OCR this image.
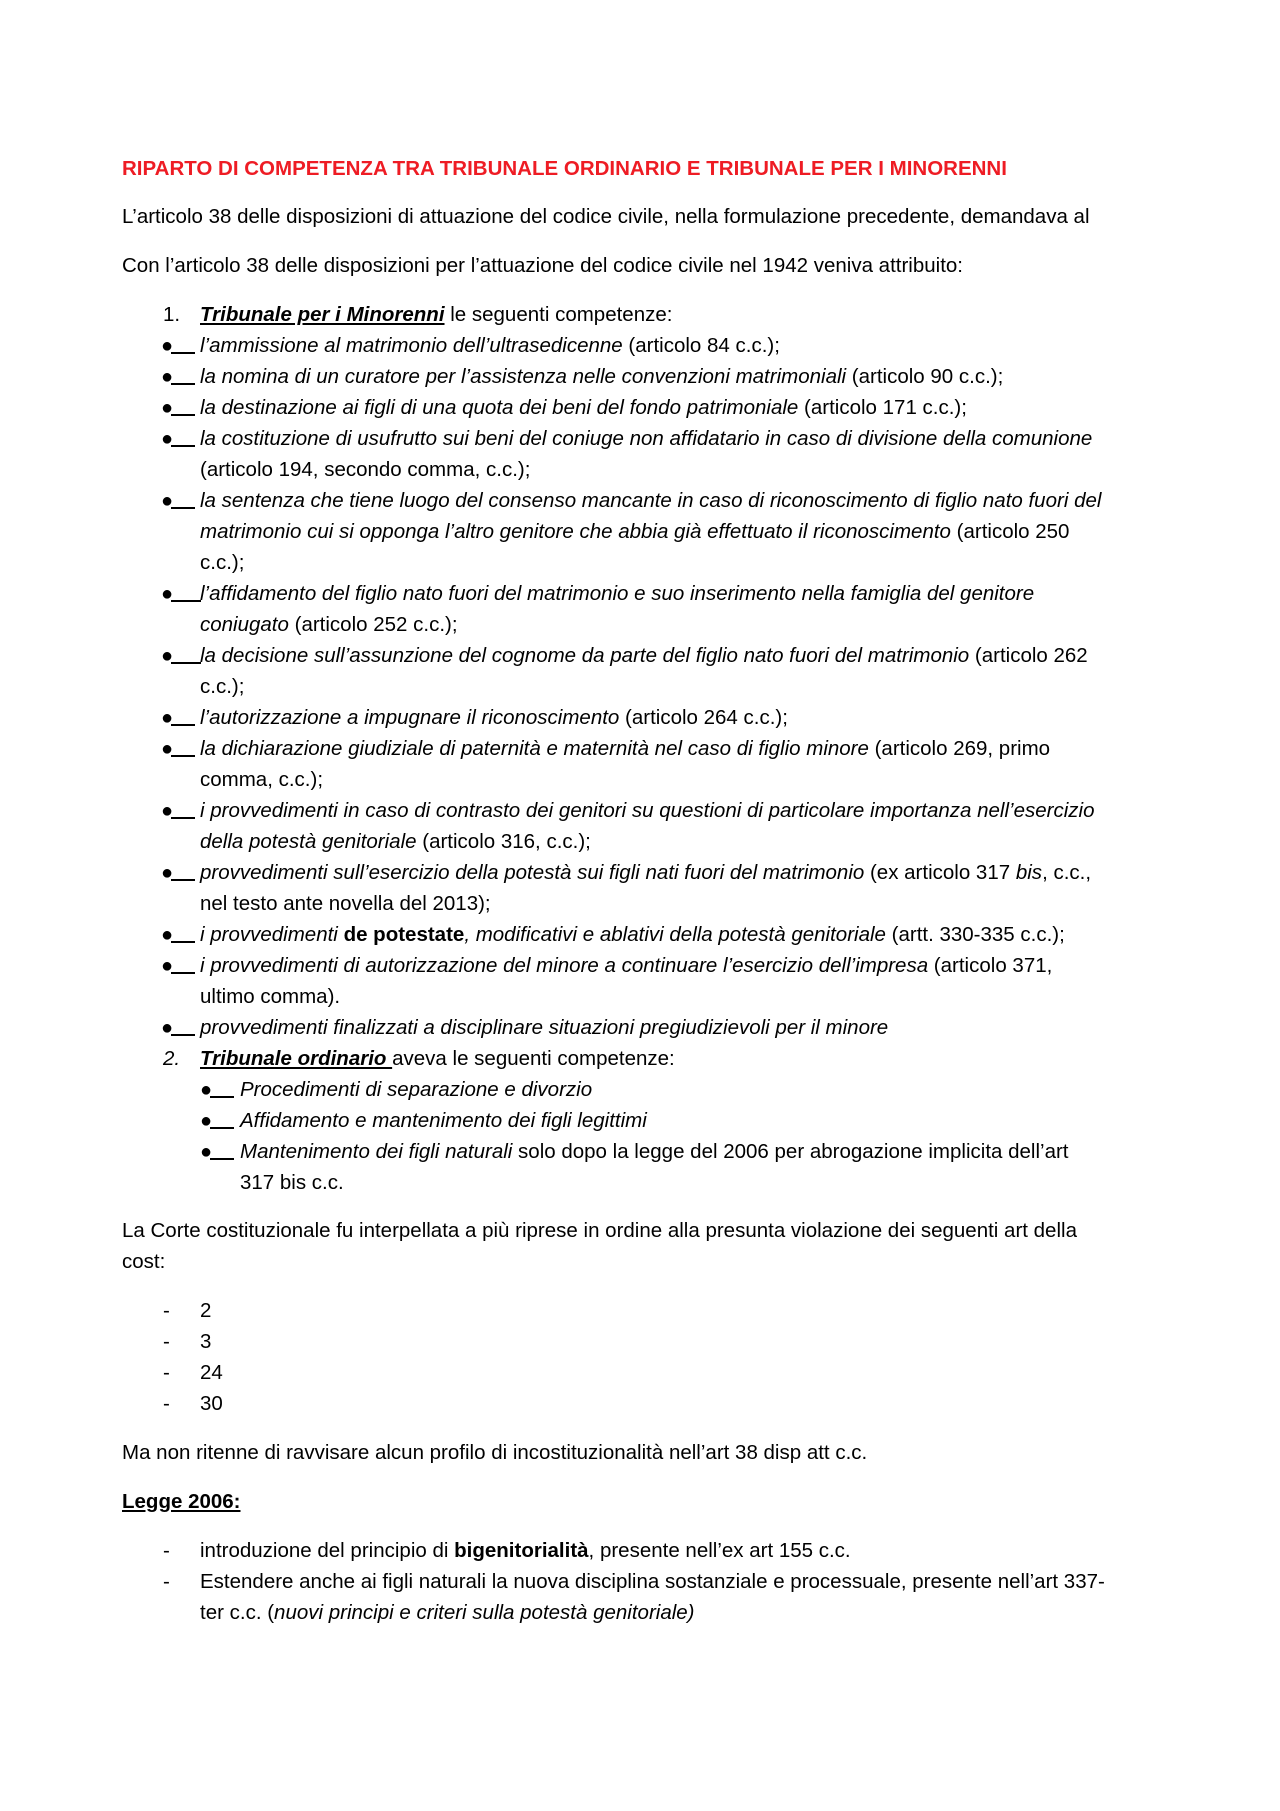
RIPARTO DI COMPETENZA TRA TRIBUNALE ORDINARIO E TRIBUNALE PER I MINORENNI
L’articolo 38 delle disposizioni di attuazione del codice civile, nella formulazione precedente, demandava al
Con l’articolo 38 delle disposizioni per l’attuazione del codice civile nel 1942 veniva attribuito:
1. Tribunale per i Minorenni le seguenti competenze:
●	l’ammissione al matrimonio dell’ultrasedicenne (articolo 84 c.c.);
●	la nomina di un curatore per l’assistenza nelle convenzioni matrimoniali (articolo 90 c.c.);
●	la destinazione ai figli di una quota dei beni del fondo patrimoniale (articolo 171 c.c.);
●	la costituzione di usufrutto sui beni del coniuge non affidatario in caso di divisione della comunione
(articolo 194, secondo comma, c.c.);
●	la sentenza che tiene luogo del consenso mancante in caso di riconoscimento di figlio nato fuori del
matrimonio cui si opponga l’altro genitore che abbia già effettuato il riconoscimento (articolo 250
c.c.);
●	l’affidamento del figlio nato fuori del matrimonio e suo inserimento nella famiglia del genitore
coniugato (articolo 252 c.c.);
●	la decisione sull’assunzione del cognome da parte del figlio nato fuori del matrimonio (articolo 262
c.c.);
●	l’autorizzazione a impugnare il riconoscimento (articolo 264 c.c.);
●	la dichiarazione giudiziale di paternità e maternità nel caso di figlio minore (articolo 269, primo
comma, c.c.);
●	i provvedimenti in caso di contrasto dei genitori su questioni di particolare importanza nell’esercizio
della potestà genitoriale (articolo 316, c.c.);
●	provvedimenti sull’esercizio della potestà sui figli nati fuori del matrimonio (ex articolo 317 bis, c.c.,
nel testo ante novella del 2013);
●	i provvedimenti de potestate, modificativi e ablativi della potestà genitoriale (artt. 330-335 c.c.);
●	i provvedimenti di autorizzazione del minore a continuare l’esercizio dell’impresa (articolo 371,
ultimo comma).
●	provvedimenti finalizzati a disciplinare situazioni pregiudizievoli per il minore
2. Tribunale ordinario aveva le seguenti competenze:
●	Procedimenti di separazione e divorzio
●	Affidamento e mantenimento dei figli legittimi
●	Mantenimento dei figli naturali solo dopo la legge del 2006 per abrogazione implicita dell’art
317 bis c.c.
La Corte costituzionale fu interpellata a più riprese in ordine alla presunta violazione dei seguenti art della
cost:
- 2
- 3
- 24
- 30
Ma non ritenne di ravvisare alcun profilo di incostituzionalità nell’art 38 disp att c.c.
Legge 2006:
- introduzione del principio di bigenitorialità, presente nell’ex art 155 c.c.
- Estendere anche ai figli naturali la nuova disciplina sostanziale e processuale, presente nell’art 337-
ter c.c. (nuovi principi e criteri sulla potestà genitoriale)
